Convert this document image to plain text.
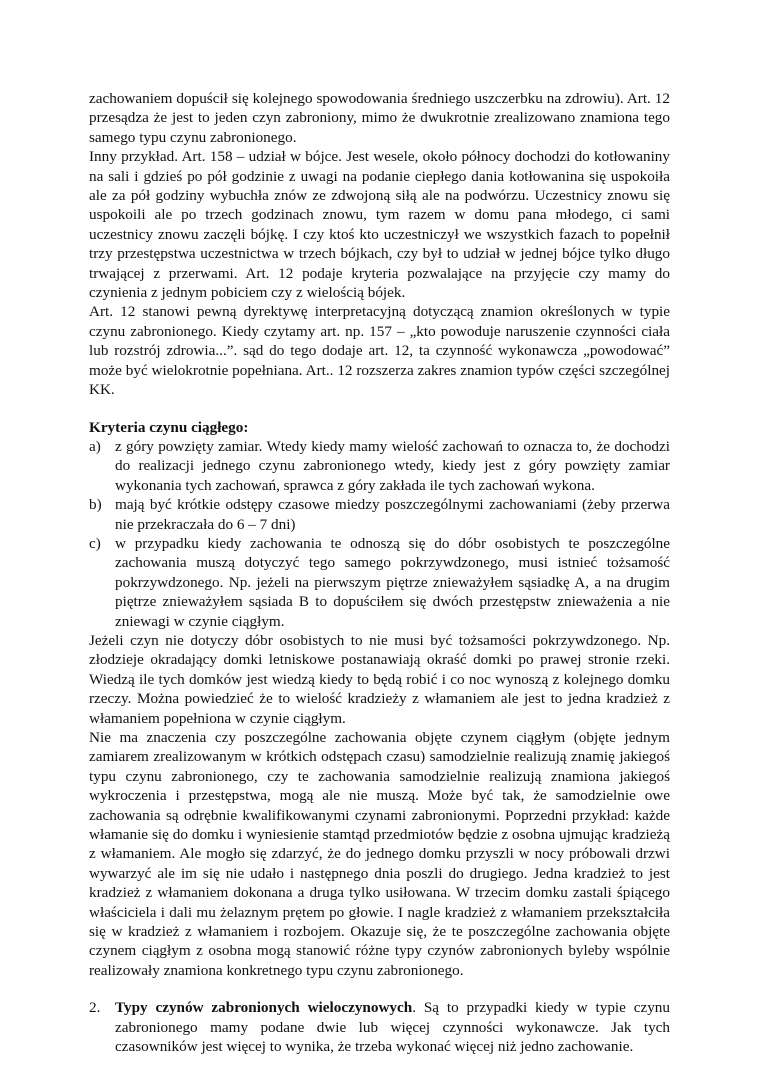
zachowaniem dopuścił się kolejnego spowodowania średniego uszczerbku na zdrowiu). Art. 12 przesądza że jest to jeden czyn zabroniony, mimo że dwukrotnie zrealizowano znamiona tego samego typu czynu zabronionego.

Inny przykład. Art. 158 – udział w bójce. Jest wesele, około północy dochodzi do kotłowaniny na sali i gdzieś po pół godzinie z uwagi na podanie ciepłego dania kotłowanina się uspokoiła ale za pół godziny wybuchła znów ze zdwojoną siłą ale na podwórzu. Uczestnicy znowu się uspokoili ale po trzech godzinach znowu, tym razem w domu pana młodego, ci sami uczestnicy znowu zaczęli bójkę. I czy ktoś kto uczestniczył we wszystkich fazach to popełnił trzy przestępstwa uczestnictwa w trzech bójkach, czy był to udział w jednej bójce tylko długo trwającej z przerwami. Art. 12 podaje kryteria pozwalające na przyjęcie czy mamy do czynienia z jednym pobiciem czy z wielością bójek.

Art. 12 stanowi pewną dyrektywę interpretacyjną dotyczącą znamion określonych w typie czynu zabronionego. Kiedy czytamy art. np. 157 – „kto powoduje naruszenie czynności ciała lub rozstrój zdrowia...”. sąd do tego dodaje art. 12, ta czynność wykonawcza „powodować” może być wielokrotnie popełniana. Art.. 12 rozszerza zakres znamion typów części szczególnej KK.

Kryteria czynu ciągłego:

a) z góry powzięty zamiar. Wtedy kiedy mamy wielość zachowań to oznacza to, że dochodzi do realizacji jednego czynu zabronionego wtedy, kiedy jest z góry powzięty zamiar wykonania tych zachowań, sprawca z góry zakłada ile tych zachowań wykona.
b) mają być krótkie odstępy czasowe miedzy poszczególnymi zachowaniami (żeby przerwa nie przekraczała do 6 – 7 dni)
c) w przypadku kiedy zachowania te odnoszą się do dóbr osobistych te poszczególne zachowania muszą dotyczyć tego samego pokrzywdzonego, musi istnieć tożsamość pokrzywdzonego. Np. jeżeli na pierwszym piętrze znieważyłem sąsiadkę A, a na drugim piętrze znieważyłem sąsiada B to dopuściłem się dwóch przestępstw znieważenia a nie zniewagi w czynie ciągłym.

Jeżeli czyn nie dotyczy dóbr osobistych to nie musi być tożsamości pokrzywdzonego. Np. złodzieje okradający domki letniskowe postanawiają okraść domki po prawej stronie rzeki. Wiedzą ile tych domków jest wiedzą kiedy to będą robić i co noc wynoszą z kolejnego domku rzeczy. Można powiedzieć że to wielość kradzieży z włamaniem ale jest to jedna kradzież z włamaniem popełniona w czynie ciągłym.

Nie ma znaczenia czy poszczególne zachowania objęte czynem ciągłym (objęte jednym zamiarem zrealizowanym w krótkich odstępach czasu) samodzielnie realizują znamię jakiegoś typu czynu zabronionego, czy te zachowania samodzielnie realizują znamiona jakiegoś wykroczenia i przestępstwa, mogą ale nie muszą. Może być tak, że samodzielnie owe zachowania są odrębnie kwalifikowanymi czynami zabronionymi. Poprzedni przykład: każde włamanie się do domku i wyniesienie stamtąd przedmiotów będzie z osobna ujmując kradzieżą z włamaniem. Ale mogło się zdarzyć, że do jednego domku przyszli w nocy próbowali drzwi wywarzyć ale im się nie udało i następnego dnia poszli do drugiego. Jedna kradzież to jest kradzież z włamaniem dokonana a druga tylko usiłowana. W trzecim domku zastali śpiącego właściciela i dali mu żelaznym prętem po głowie. I nagle kradzież z włamaniem przekształciła się w kradzież z włamaniem i rozbojem. Okazuje się, że te poszczególne zachowania objęte czynem ciągłym z osobna mogą stanowić różne typy czynów zabronionych byleby wspólnie realizowały znamiona konkretnego typu czynu zabronionego.

2. Typy czynów zabronionych wieloczynowych. Są to przypadki kiedy w typie czynu zabronionego mamy podane dwie lub więcej czynności wykonawcze. Jak tych czasowników jest więcej to wynika, że trzeba wykonać więcej niż jedno zachowanie.
